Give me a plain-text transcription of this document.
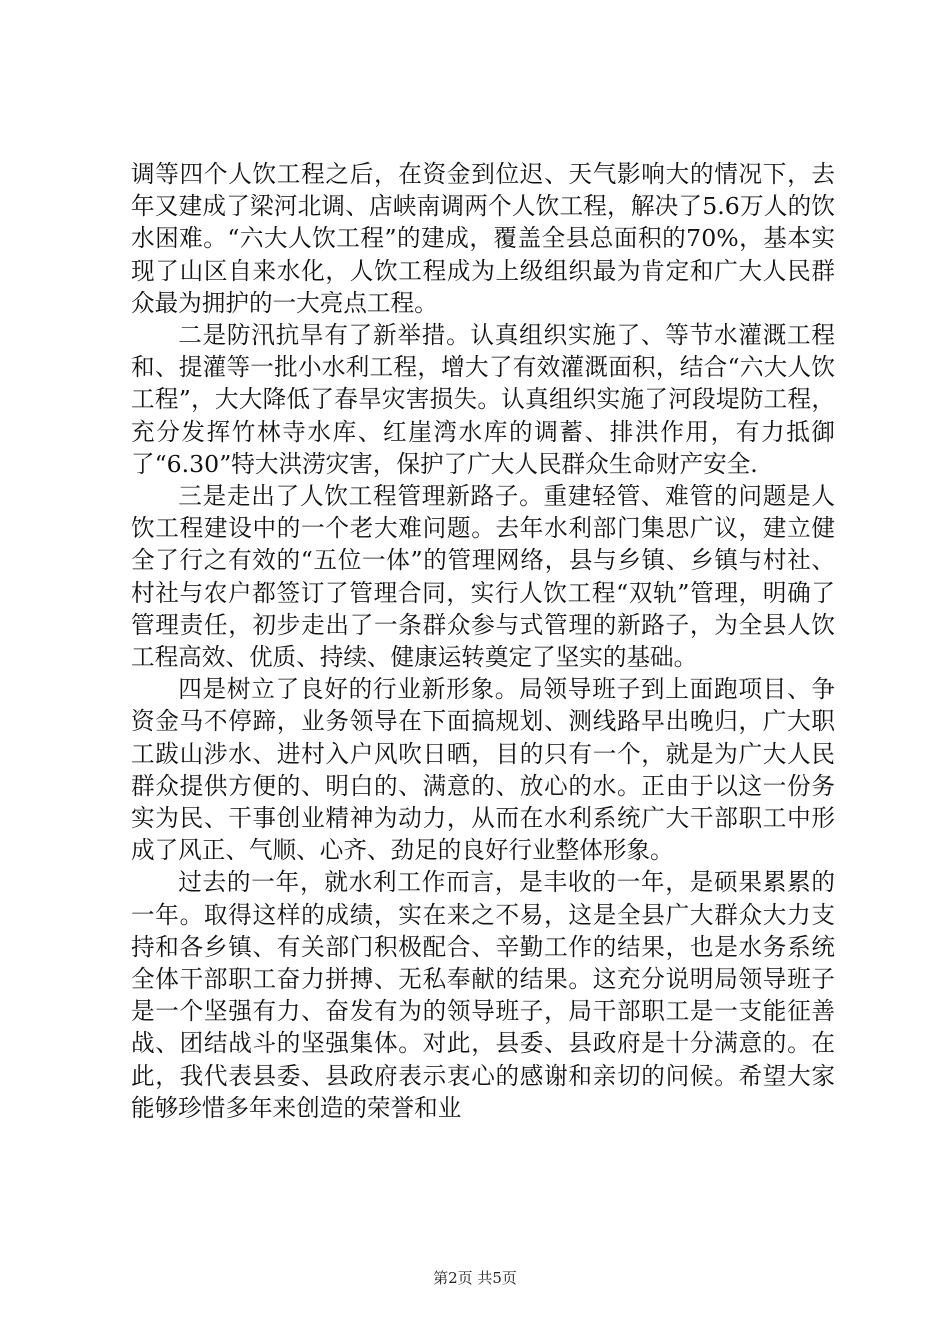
调等四个人饮工程之后，在资金到位迟、天气影响大的情况下，去年又建成了梁河北调、店峡南调两个人饮工程，解决了5.6万人的饮水困难。“六大人饮工程”的建成，覆盖全县总面积的70%，基本实现了山区自来水化，人饮工程成为上级组织最为肯定和广大人民群众最为拥护的一大亮点工程。

二是防汛抗旱有了新举措。认真组织实施了、等节水灌溉工程和、提灌等一批小水利工程，增大了有效灌溉面积，结合“六大人饮工程”，大大降低了春旱灾害损失。认真组织实施了河段堤防工程，充分发挥竹林寺水库、红崖湾水库的调蓄、排洪作用，有力抵御了“6.30”特大洪涝灾害，保护了广大人民群众生命财产安全.

三是走出了人饮工程管理新路子。重建轻管、难管的问题是人饮工程建设中的一个老大难问题。去年水利部门集思广议，建立健全了行之有效的“五位一体”的管理网络，县与乡镇、乡镇与村社、村社与农户都签订了管理合同，实行人饮工程“双轨”管理，明确了管理责任，初步走出了一条群众参与式管理的新路子，为全县人饮工程高效、优质、持续、健康运转奠定了坚实的基础。

四是树立了良好的行业新形象。局领导班子到上面跑项目、争资金马不停蹄，业务领导在下面搞规划、测线路早出晚归，广大职工跋山涉水、进村入户风吹日晒，目的只有一个，就是为广大人民群众提供方便的、明白的、满意的、放心的水。正由于以这一份务实为民、干事创业精神为动力，从而在水利系统广大干部职工中形成了风正、气顺、心齐、劲足的良好行业整体形象。

过去的一年，就水利工作而言，是丰收的一年，是硕果累累的一年。取得这样的成绩，实在来之不易，这是全县广大群众大力支持和各乡镇、有关部门积极配合、辛勤工作的结果，也是水务系统全体干部职工奋力拼搏、无私奉献的结果。这充分说明局领导班子是一个坚强有力、奋发有为的领导班子，局干部职工是一支能征善战、团结战斗的坚强集体。对此，县委、县政府是十分满意的。在此，我代表县委、县政府表示衷心的感谢和亲切的问候。希望大家能够珍惜多年来创造的荣誉和业

第2页 共5页
